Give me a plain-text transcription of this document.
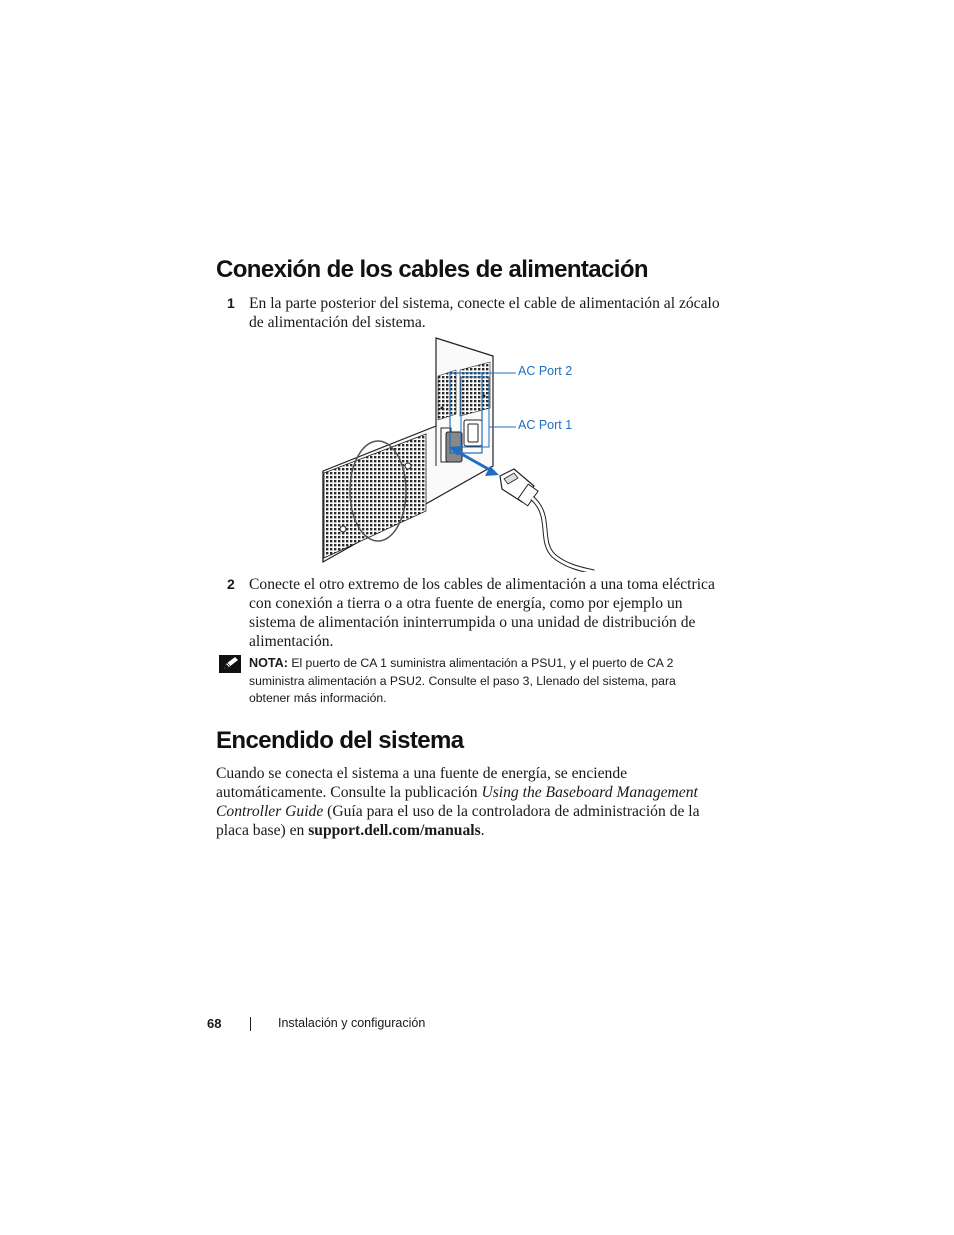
Conexión de los cables de alimentación
1 En la parte posterior del sistema, conecte el cable de alimentación al zócalo de alimentación del sistema.

AC Port 2
AC Port 1
2 Conecte el otro extremo de los cables de alimentación a una toma eléctrica con conexión a tierra o a otra fuente de energía, como por ejemplo un sistema de alimentación ininterrumpida o una unidad de distribución de alimentación.

NOTA: El puerto de CA 1 suministra alimentación a PSU1, y el puerto de CA 2 suministra alimentación a PSU2. Consulte el paso 3, Llenado del sistema, para obtener más información.

Encendido del sistema

Cuando se conecta el sistema a una fuente de energía, se enciende automáticamente. Consulte la publicación Using the Baseboard Management Controller Guide (Guía para el uso de la controladora de administración de la placa base) en support.dell.com/manuals.

68	Instalación y configuración
